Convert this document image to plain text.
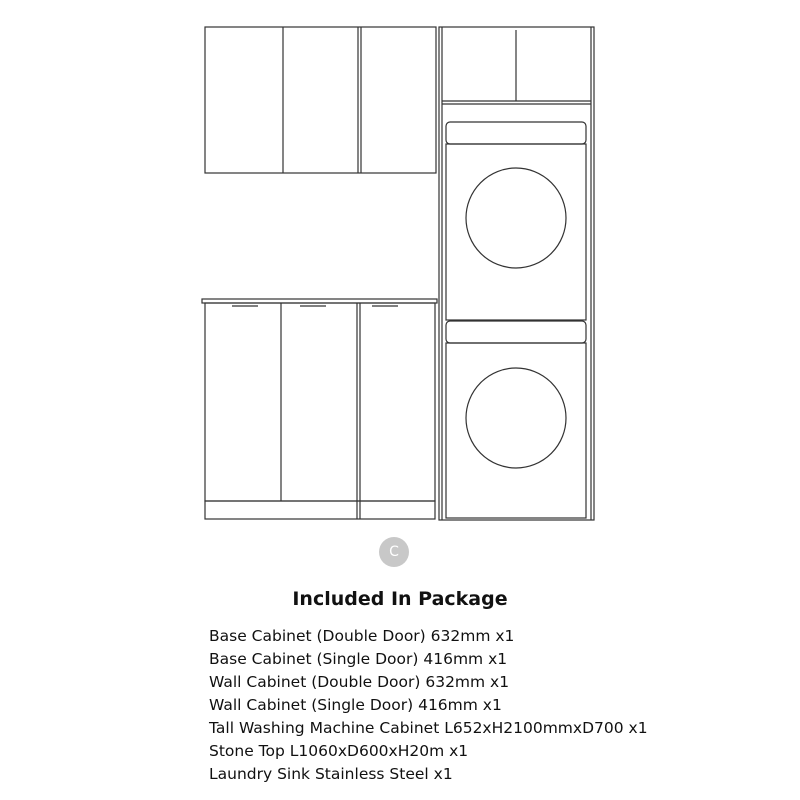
C
Included In Package
Base Cabinet (Double Door) 632mm x1
Base Cabinet (Single Door) 416mm x1
Wall Cabinet (Double Door) 632mm x1
Wall Cabinet (Single Door) 416mm x1
Tall Washing Machine Cabinet L652xH2100mmxD700 x1
Stone Top L1060xD600xH20m x1
Laundry Sink Stainless Steel x1
